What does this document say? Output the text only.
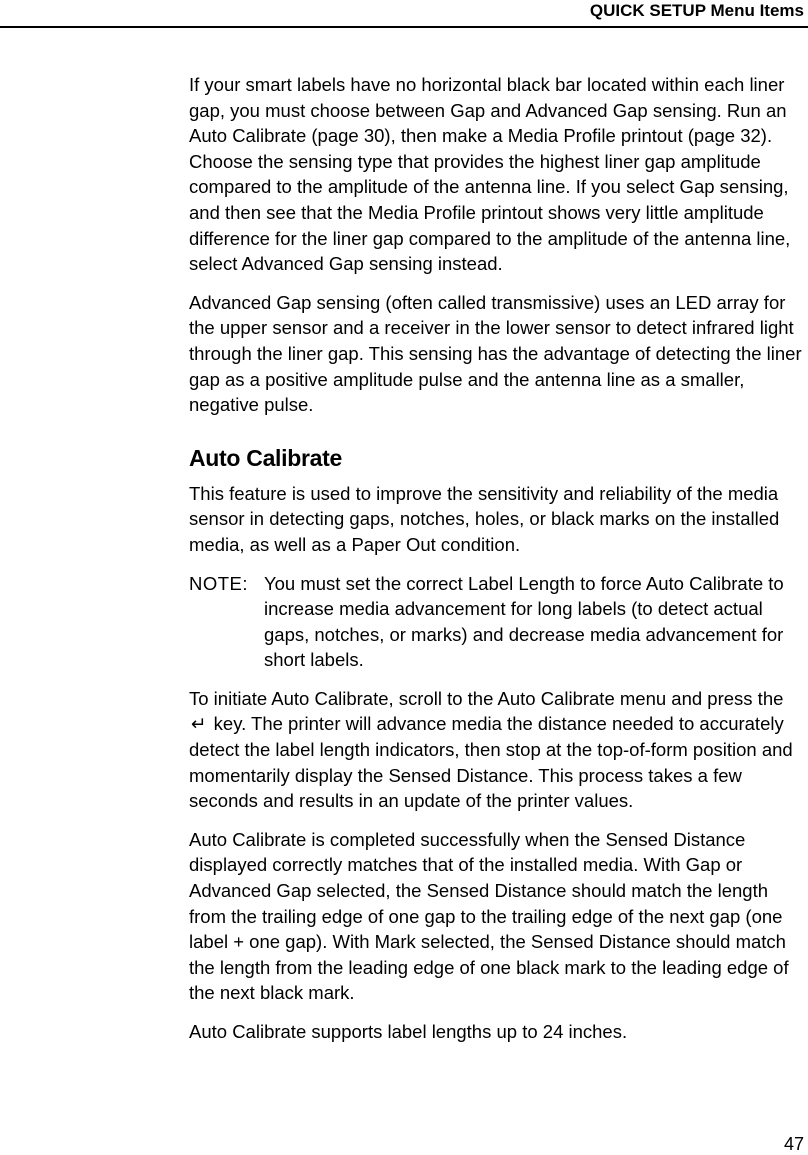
QUICK SETUP Menu Items

If your smart labels have no horizontal black bar located within each liner gap, you must choose between Gap and Advanced Gap sensing. Run an Auto Calibrate (page 30), then make a Media Profile printout (page 32). Choose the sensing type that provides the highest liner gap amplitude compared to the amplitude of the antenna line. If you select Gap sensing, and then see that the Media Profile printout shows very little amplitude difference for the liner gap compared to the amplitude of the antenna line, select Advanced Gap sensing instead.

Advanced Gap sensing (often called transmissive) uses an LED array for the upper sensor and a receiver in the lower sensor to detect infrared light through the liner gap. This sensing has the advantage of detecting the liner gap as a positive amplitude pulse and the antenna line as a smaller, negative pulse.

Auto Calibrate

This feature is used to improve the sensitivity and reliability of the media sensor in detecting gaps, notches, holes, or black marks on the installed media, as well as a Paper Out condition.

NOTE: You must set the correct Label Length to force Auto Calibrate to increase media advancement for long labels (to detect actual gaps, notches, or marks) and decrease media advancement for short labels.

To initiate Auto Calibrate, scroll to the Auto Calibrate menu and press the ↵ key. The printer will advance media the distance needed to accurately detect the label length indicators, then stop at the top-of-form position and momentarily display the Sensed Distance. This process takes a few seconds and results in an update of the printer values.

Auto Calibrate is completed successfully when the Sensed Distance displayed correctly matches that of the installed media. With Gap or Advanced Gap selected, the Sensed Distance should match the length from the trailing edge of one gap to the trailing edge of the next gap (one label + one gap). With Mark selected, the Sensed Distance should match the length from the leading edge of one black mark to the leading edge of the next black mark.

Auto Calibrate supports label lengths up to 24 inches.

47
